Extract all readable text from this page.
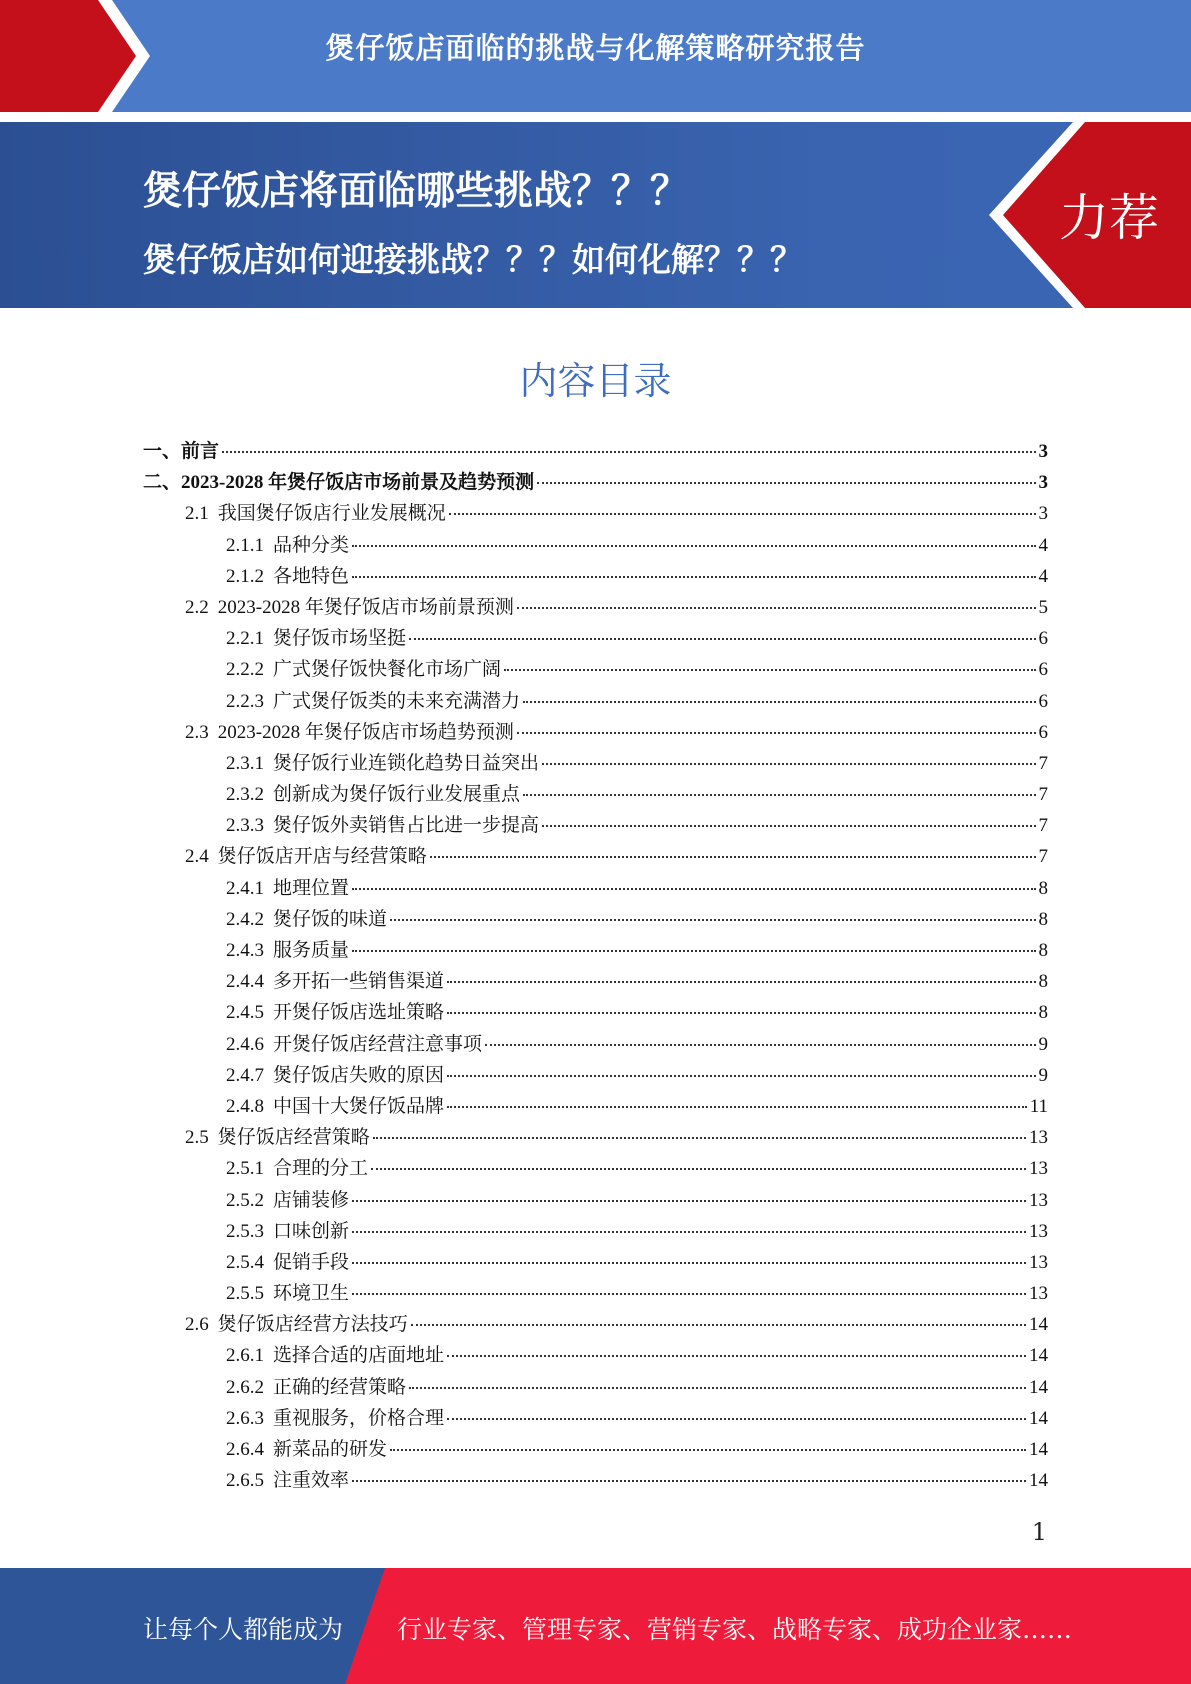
煲仔饭店面临的挑战与化解策略研究报告
煲仔饭店将面临哪些挑战？？？
煲仔饭店如何迎接挑战？？？如何化解？？？
力荐
内容目录
一、前言	3
二、2023-2028 年煲仔饭店市场前景及趋势预测	3
2.1 我国煲仔饭店行业发展概况	3
2.1.1 品种分类	4
2.1.2 各地特色	4
2.2 2023-2028 年煲仔饭店市场前景预测	5
2.2.1 煲仔饭市场坚挺	6
2.2.2 广式煲仔饭快餐化市场广阔	6
2.2.3 广式煲仔饭类的未来充满潜力	6
2.3 2023-2028 年煲仔饭店市场趋势预测	6
2.3.1 煲仔饭行业连锁化趋势日益突出	7
2.3.2 创新成为煲仔饭行业发展重点	7
2.3.3 煲仔饭外卖销售占比进一步提高	7
2.4 煲仔饭店开店与经营策略	7
2.4.1 地理位置	8
2.4.2 煲仔饭的味道	8
2.4.3 服务质量	8
2.4.4 多开拓一些销售渠道	8
2.4.5 开煲仔饭店选址策略	8
2.4.6 开煲仔饭店经营注意事项	9
2.4.7 煲仔饭店失败的原因	9
2.4.8 中国十大煲仔饭品牌	11
2.5 煲仔饭店经营策略	13
2.5.1 合理的分工	13
2.5.2 店铺装修	13
2.5.3 口味创新	13
2.5.4 促销手段	13
2.5.5 环境卫生	13
2.6 煲仔饭店经营方法技巧	14
2.6.1 选择合适的店面地址	14
2.6.2 正确的经营策略	14
2.6.3 重视服务，价格合理	14
2.6.4 新菜品的研发	14
2.6.5 注重效率	14
1
让每个人都能成为 行业专家、管理专家、营销专家、战略专家、成功企业家……
